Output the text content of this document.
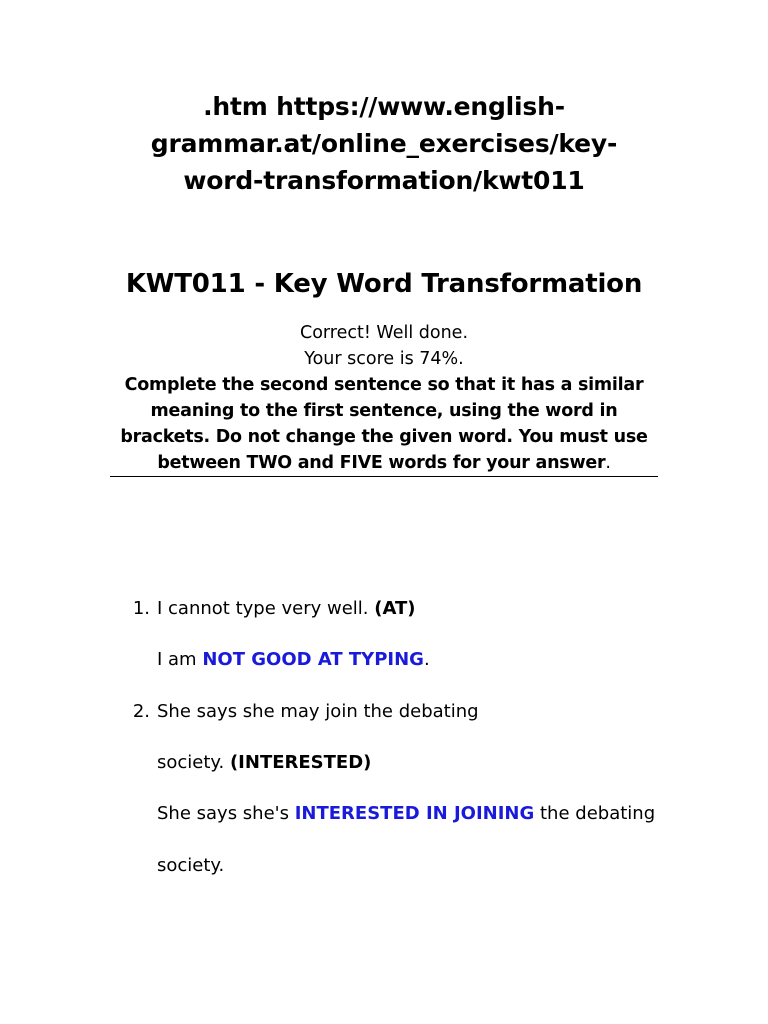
.htm https://www.english-
grammar.at/online_exercises/key-
word-transformation/kwt011
KWT011 - Key Word Transformation
Correct! Well done.
Your score is 74%.
Complete the second sentence so that it has a similar
meaning to the first sentence, using the word in
brackets. Do not change the given word. You must use
between TWO and FIVE words for your answer.
1. I cannot type very well. (AT)
I am NOT GOOD AT TYPING.
2. She says she may join the debating
society. (INTERESTED)
She says she's INTERESTED IN JOINING the debating
society.
